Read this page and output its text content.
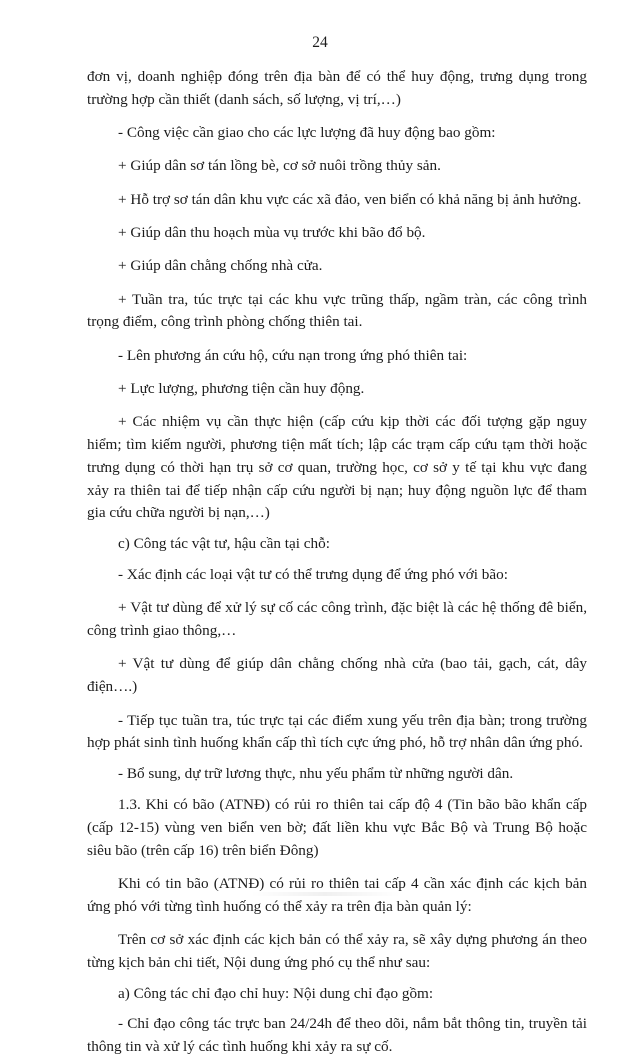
24

đơn vị, doanh nghiệp đóng trên địa bàn để có thể huy động, trưng dụng trong trường hợp cần thiết (danh sách, số lượng, vị trí,…)

- Công việc cần giao cho các lực lượng đã huy động bao gồm:

+ Giúp dân sơ tán lồng bè, cơ sở nuôi trồng thủy sản.

+ Hỗ trợ sơ tán dân khu vực các xã đảo, ven biển có khả năng bị ảnh hưởng.

+ Giúp dân thu hoạch mùa vụ trước khi bão đổ bộ.

+ Giúp dân chằng chống nhà cửa.

+ Tuần tra, túc trực tại các khu vực trũng thấp, ngầm tràn, các công trình trọng điểm, công trình phòng chống thiên tai.

- Lên phương án cứu hộ, cứu nạn trong ứng phó thiên tai:

+ Lực lượng, phương tiện cần huy động.

+ Các nhiệm vụ cần thực hiện (cấp cứu kịp thời các đối tượng gặp nguy hiểm; tìm kiếm người, phương tiện mất tích; lập các trạm cấp cứu tạm thời hoặc trưng dụng có thời hạn trụ sở cơ quan, trường học, cơ sở y tế tại khu vực đang xảy ra thiên tai để tiếp nhận cấp cứu người bị nạn; huy động nguồn lực để tham gia cứu chữa người bị nạn,…)

c) Công tác vật tư, hậu cần tại chỗ:

- Xác định các loại vật tư có thể trưng dụng để ứng phó với bão:

+ Vật tư dùng để xử lý sự cố các công trình, đặc biệt là các hệ thống đê biển, công trình giao thông,…

+ Vật tư dùng để giúp dân chằng chống nhà cửa (bao tải, gạch, cát, dây điện….)

- Tiếp tục tuần tra, túc trực tại các điểm xung yếu trên địa bàn; trong trường hợp phát sinh tình huống khẩn cấp thì tích cực ứng phó, hỗ trợ nhân dân ứng phó.

- Bổ sung, dự trữ lương thực, nhu yếu phẩm từ những người dân.

1.3. Khi có bão (ATNĐ) có rủi ro thiên tai cấp độ 4 (Tin bão bão khẩn cấp (cấp 12-15) vùng ven biển ven bờ; đất liền khu vực Bắc Bộ và Trung Bộ hoặc siêu bão (trên cấp 16) trên biển Đông)

Khi có tin bão (ATNĐ) có rủi ro thiên tai cấp 4 cần xác định các kịch bản ứng phó với từng tình huống có thể xảy ra trên địa bàn quản lý:

Trên cơ sở xác định các kịch bản có thể xảy ra, sẽ xây dựng phương án theo từng kịch bản chi tiết, Nội dung ứng phó cụ thể như sau:

a) Công tác chỉ đạo chỉ huy: Nội dung chỉ đạo gồm:

- Chỉ đạo công tác trực ban 24/24h để theo dõi, nắm bắt thông tin, truyền tải thông tin và xử lý các tình huống khi xảy ra sự cố.
